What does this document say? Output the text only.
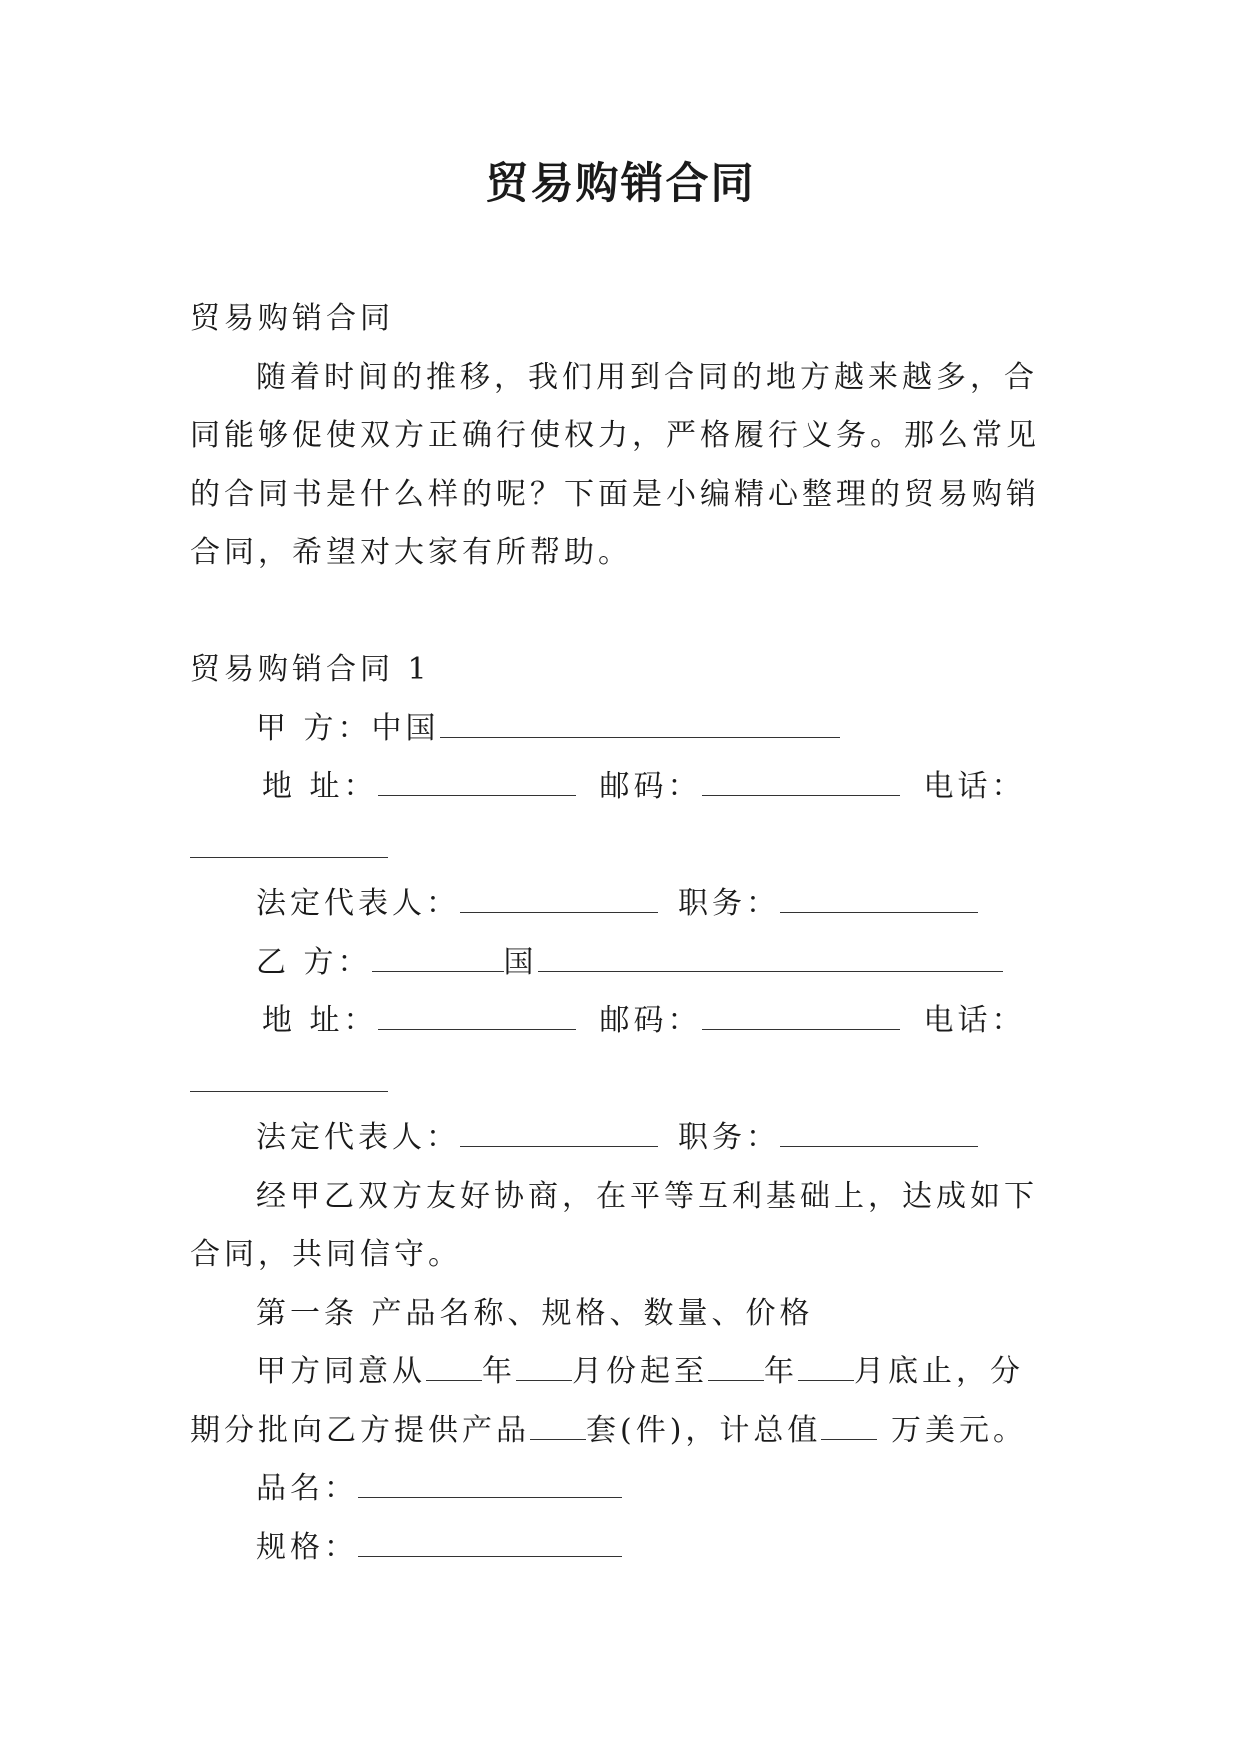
贸易购销合同
贸易购销合同
随着时间的推移，我们用到合同的地方越来越多，合同能够促使双方正确行使权力，严格履行义务。那么常见的合同书是什么样的呢？下面是小编精心整理的贸易购销合同，希望对大家有所帮助。
贸易购销合同 1
甲 方：中国
地 址：	邮码：	电话：
法定代表人：	职务：
乙 方：	国
地 址：	邮码：	电话：
法定代表人：	职务：
经甲乙双方友好协商，在平等互利基础上，达成如下合同，共同信守。
第一条 产品名称、规格、数量、价格
甲方同意从 年 月份起至 年 月底止，分
期分批向乙方提供产品 套(件)，计总值 万美元。
品名：
规格：
